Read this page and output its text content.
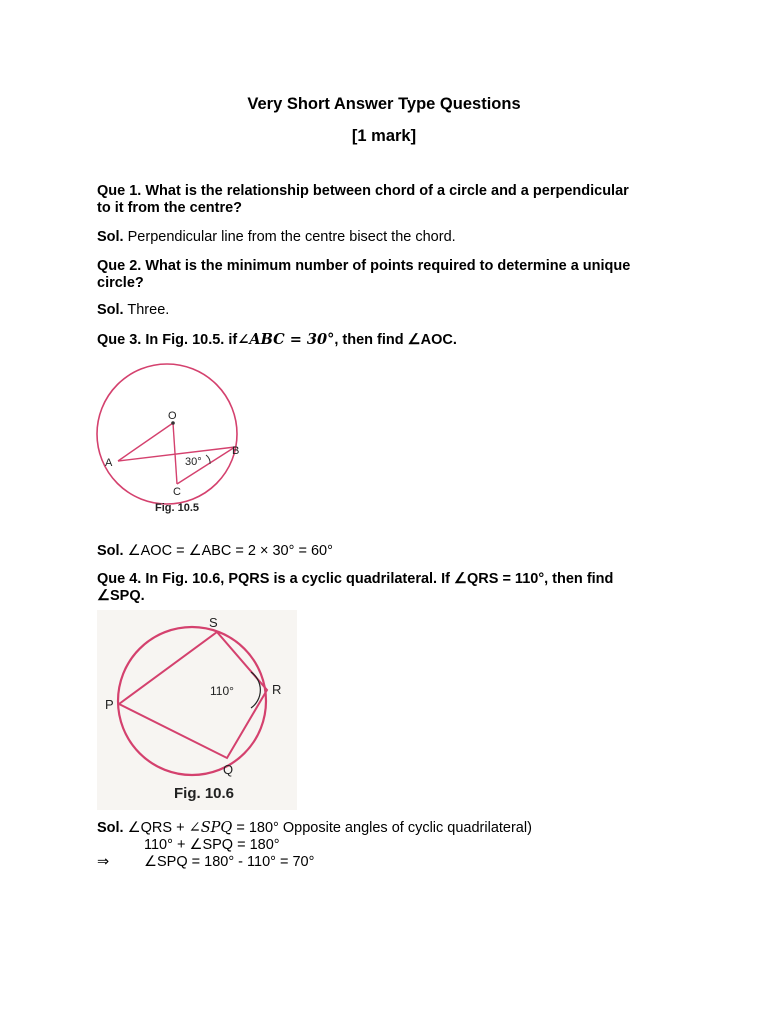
Very Short Answer Type Questions
[1 mark]
Que 1. What is the relationship between chord of a circle and a perpendicular
to it from the centre?
Sol. Perpendicular line from the centre bisect the chord.
Que 2. What is the minimum number of points required to determine a unique
circle?
Sol. Three.
Que 3. In Fig. 10.5. if∠ABC = 30°, then find ∠AOC.
O
A
B
C
30°
Fig. 10.5
Sol. ∠AOC = ∠ABC = 2 × 30° = 60°
Que 4. In Fig. 10.6, PQRS is a cyclic quadrilateral. If ∠QRS = 110°, then find
∠SPQ.
S
P
R
Q
110°
Fig. 10.6
Sol. ∠QRS + ∠SPQ = 180° Opposite angles of cyclic quadrilateral)
110° + ∠SPQ = 180°
⇒ ∠SPQ = 180° - 110° = 70°
